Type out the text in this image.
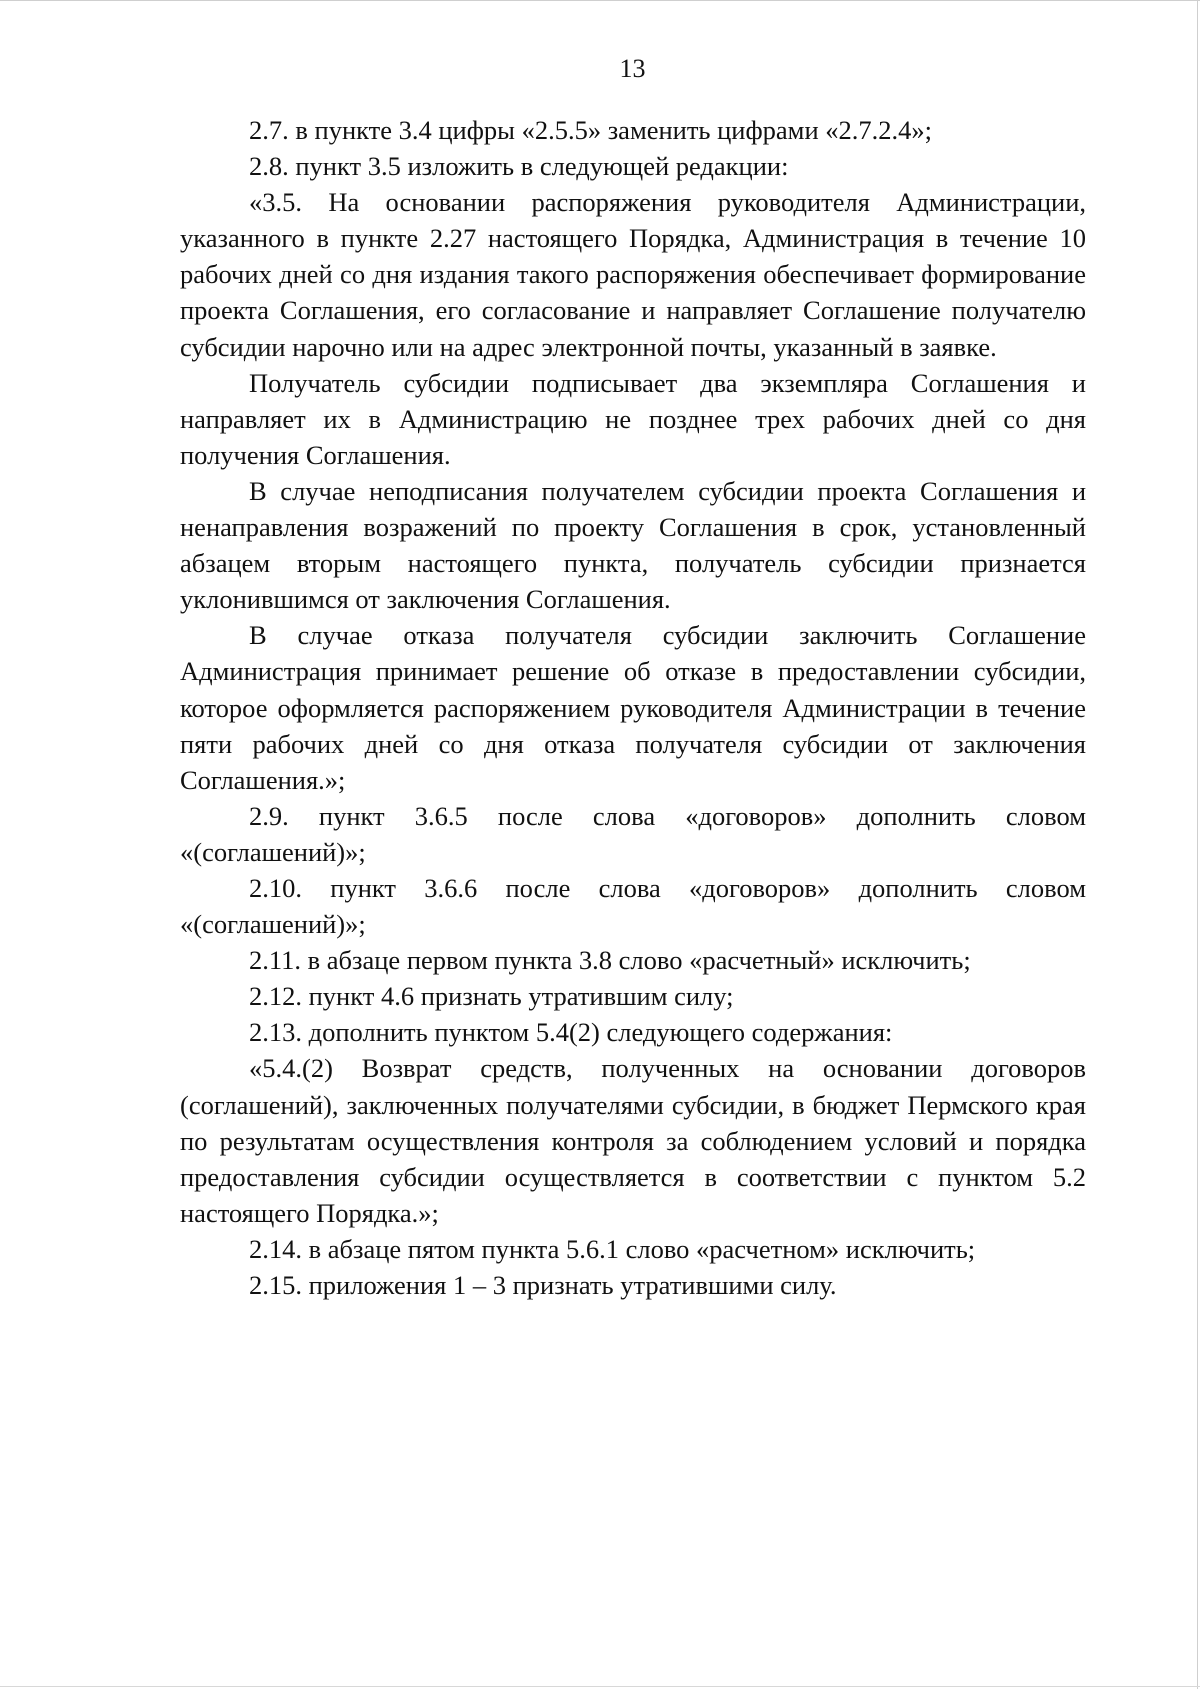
13

2.7. в пункте 3.4 цифры «2.5.5» заменить цифрами «2.7.2.4»;

2.8. пункт 3.5 изложить в следующей редакции:

«3.5. На основании распоряжения руководителя Администрации, указанного в пункте 2.27 настоящего Порядка, Администрация в течение 10 рабочих дней со дня издания такого распоряжения обеспечивает формирование проекта Соглашения, его согласование и направляет Соглашение получателю субсидии нарочно или на адрес электронной почты, указанный в заявке.

Получатель субсидии подписывает два экземпляра Соглашения и направляет их в Администрацию не позднее трех рабочих дней со дня получения Соглашения.

В случае неподписания получателем субсидии проекта Соглашения и ненаправления возражений по проекту Соглашения в срок, установленный абзацем вторым настоящего пункта, получатель субсидии признается уклонившимся от заключения Соглашения.

В случае отказа получателя субсидии заключить Соглашение Администрация принимает решение об отказе в предоставлении субсидии, которое оформляется распоряжением руководителя Администрации в течение пяти рабочих дней со дня отказа получателя субсидии от заключения Соглашения.»;

2.9. пункт 3.6.5 после слова «договоров» дополнить словом «(соглашений)»;

2.10. пункт 3.6.6 после слова «договоров» дополнить словом «(соглашений)»;

2.11. в абзаце первом пункта 3.8 слово «расчетный» исключить;

2.12. пункт 4.6 признать утратившим силу;

2.13. дополнить пунктом 5.4(2) следующего содержания:

«5.4.(2) Возврат средств, полученных на основании договоров (соглашений), заключенных получателями субсидии, в бюджет Пермского края по результатам осуществления контроля за соблюдением условий и порядка предоставления субсидии осуществляется в соответствии с пунктом 5.2 настоящего Порядка.»;

2.14. в абзаце пятом пункта 5.6.1 слово «расчетном» исключить;

2.15. приложения 1 – 3 признать утратившими силу.
